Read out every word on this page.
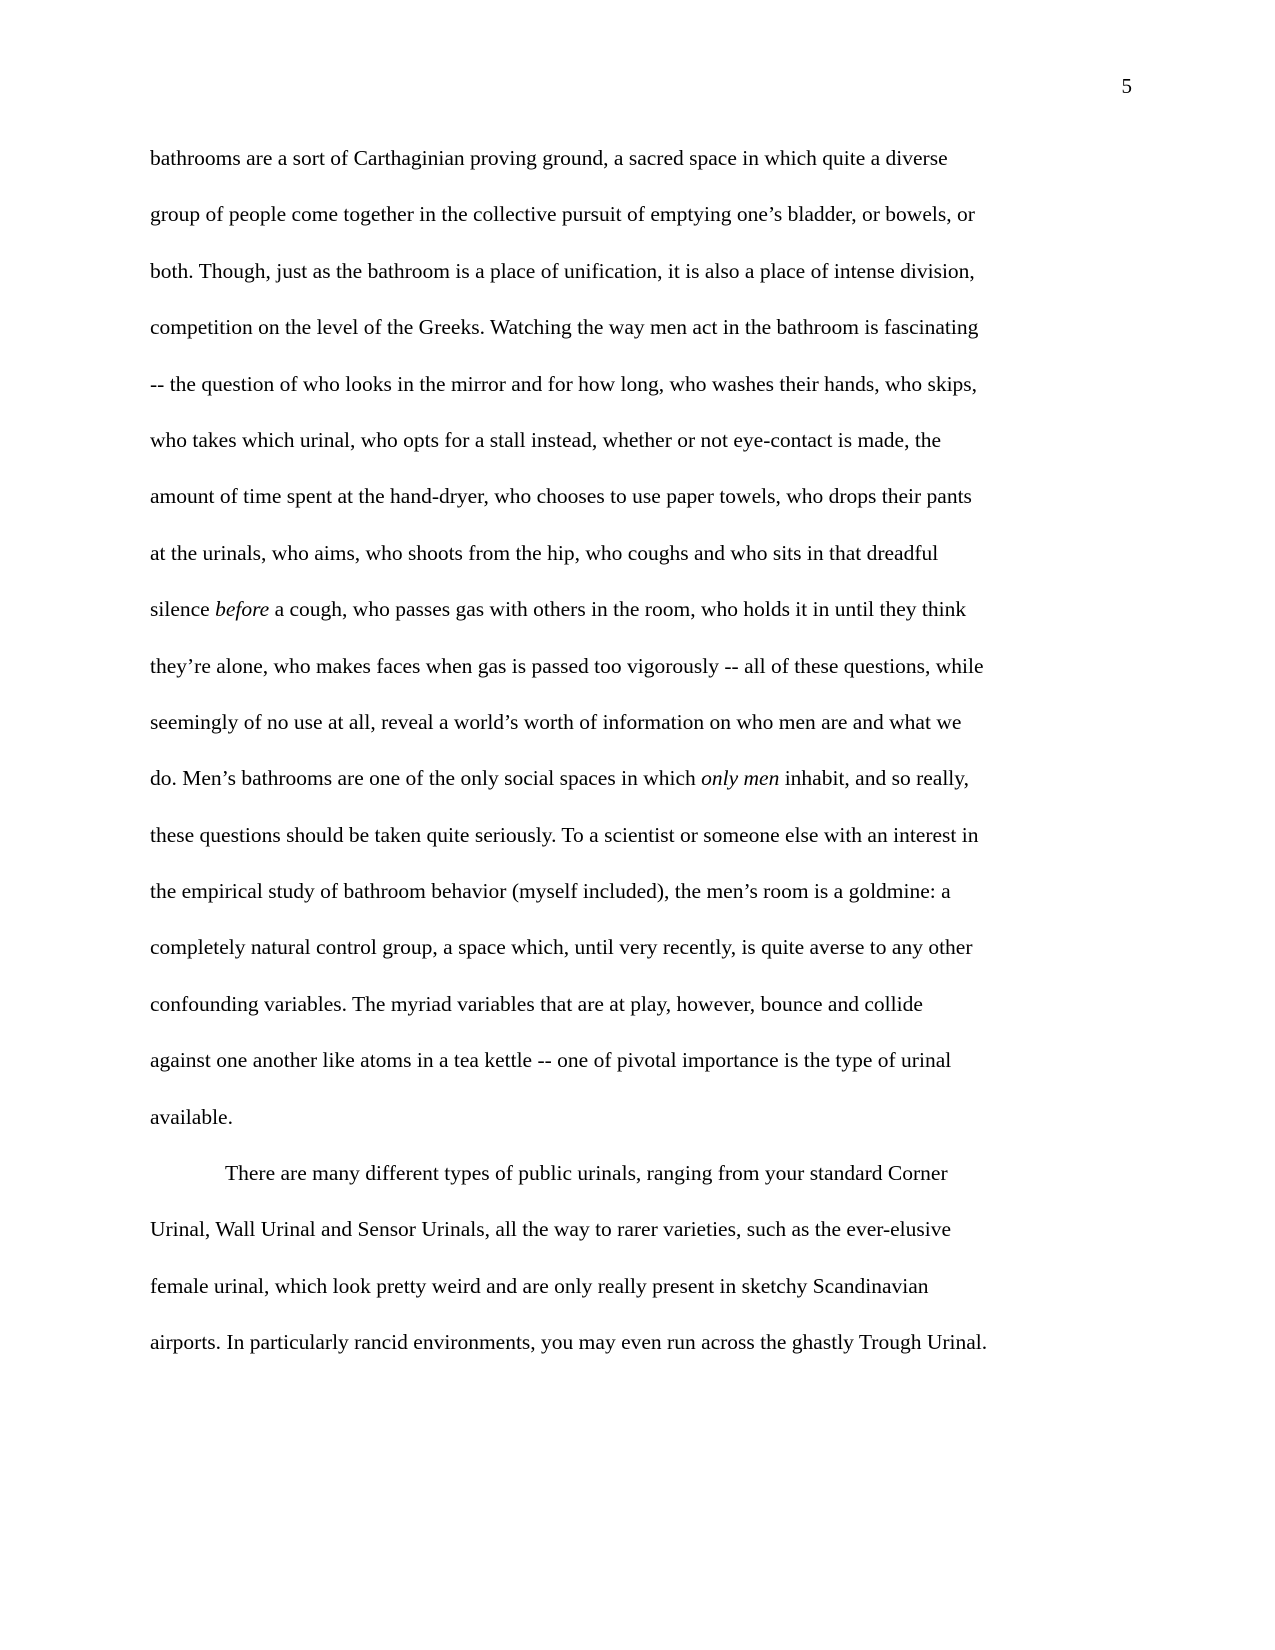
5
bathrooms are a sort of Carthaginian proving ground, a sacred space in which quite a diverse
group of people come together in the collective pursuit of emptying one’s bladder, or bowels, or
both. Though, just as the bathroom is a place of unification, it is also a place of intense division,
competition on the level of the Greeks. Watching the way men act in the bathroom is fascinating
-- the question of who looks in the mirror and for how long, who washes their hands, who skips,
who takes which urinal, who opts for a stall instead, whether or not eye-contact is made, the
amount of time spent at the hand-dryer, who chooses to use paper towels, who drops their pants
at the urinals, who aims, who shoots from the hip, who coughs and who sits in that dreadful
silence before a cough, who passes gas with others in the room, who holds it in until they think
they’re alone, who makes faces when gas is passed too vigorously -- all of these questions, while
seemingly of no use at all, reveal a world’s worth of information on who men are and what we
do. Men’s bathrooms are one of the only social spaces in which only men inhabit, and so really,
these questions should be taken quite seriously. To a scientist or someone else with an interest in
the empirical study of bathroom behavior (myself included), the men’s room is a goldmine: a
completely natural control group, a space which, until very recently, is quite averse to any other
confounding variables. The myriad variables that are at play, however, bounce and collide
against one another like atoms in a tea kettle -- one of pivotal importance is the type of urinal
available.
There are many different types of public urinals, ranging from your standard Corner
Urinal, Wall Urinal and Sensor Urinals, all the way to rarer varieties, such as the ever-elusive
female urinal, which look pretty weird and are only really present in sketchy Scandinavian
airports. In particularly rancid environments, you may even run across the ghastly Trough Urinal.
